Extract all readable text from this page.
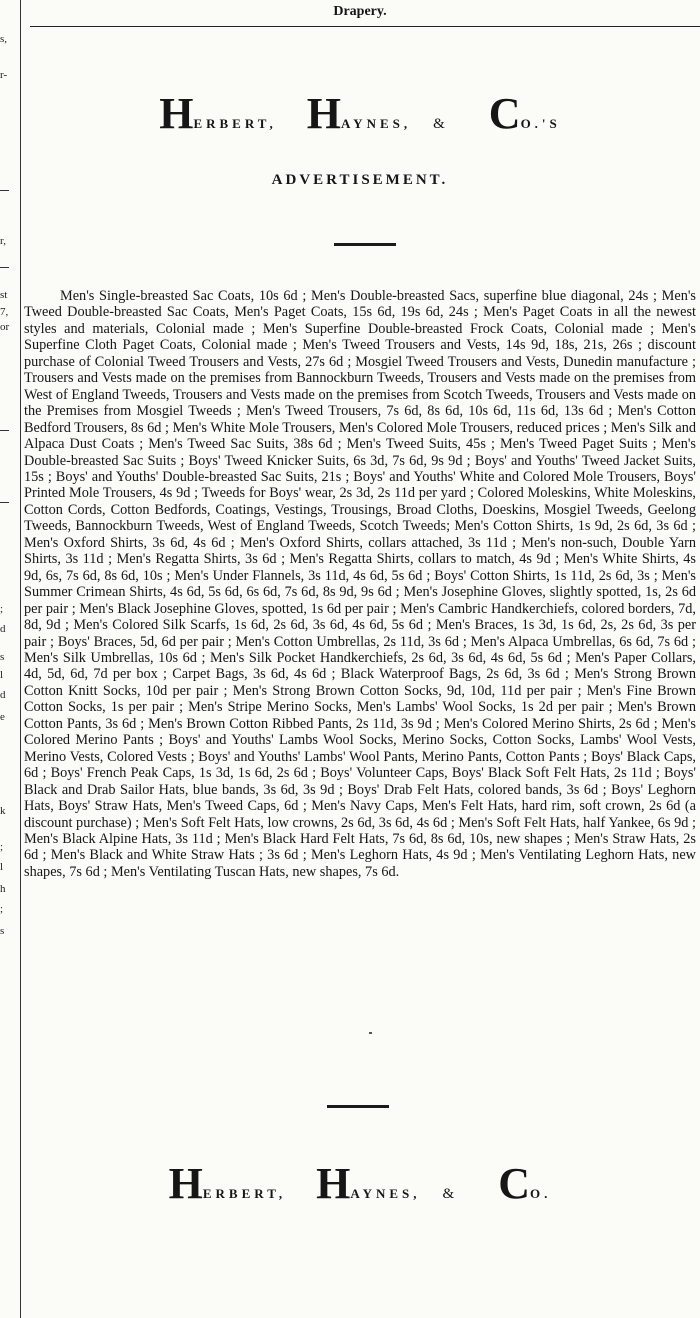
s,
r-
r,
st
7,
or
;
d
s
l
d
e
k
;
l
h
;
s
Drapery.
H ERBERT, H AYNES, & C O.'S
ADVERTISEMENT.

Men's Single-breasted Sac Coats, 10s 6d ; Men's Double-breasted Sacs, superfine blue diagonal, 24s ; Men's Tweed Double-breasted Sac Coats, Men's Paget Coats, 15s 6d, 19s 6d, 24s ; Men's Paget Coats in all the newest styles and materials, Colonial made ; Men's Superfine Double-breasted Frock Coats, Colonial made ; Men's Superfine Cloth Paget Coats, Colonial made ; Men's Tweed Trousers and Vests, 14s 9d, 18s, 21s, 26s ; discount purchase of Colonial Tweed Trousers and Vests, 27s 6d ; Mosgiel Tweed Trousers and Vests, Dunedin manufacture ; Trousers and Vests made on the premises from Bannockburn Tweeds, Trousers and Vests made on the premises from West of England Tweeds, Trousers and Vests made on the premises from Scotch Tweeds, Trousers and Vests made on the Premises from Mosgiel Tweeds ; Men's Tweed Trousers, 7s 6d, 8s 6d, 10s 6d, 11s 6d, 13s 6d ; Men's Cotton Bedford Trousers, 8s 6d ; Men's White Mole Trousers, Men's Colored Mole Trousers, reduced prices ; Men's Silk and Alpaca Dust Coats ; Men's Tweed Sac Suits, 38s 6d ; Men's Tweed Suits, 45s ; Men's Tweed Paget Suits ; Men's Double-breasted Sac Suits ; Boys' Tweed Knicker Suits, 6s 3d, 7s 6d, 9s 9d ; Boys' and Youths' Tweed Jacket Suits, 15s ; Boys' and Youths' Double-breasted Sac Suits, 21s ; Boys' and Youths' White and Colored Mole Trousers, Boys' Printed Mole Trousers, 4s 9d ; Tweeds for Boys' wear, 2s 3d, 2s 11d per yard ; Colored Moleskins, White Moleskins, Cotton Cords, Cotton Bedfords, Coatings, Vestings, Trousings, Broad Cloths, Doeskins, Mosgiel Tweeds, Geelong Tweeds, Bannockburn Tweeds, West of England Tweeds, Scotch Tweeds; Men's Cotton Shirts, 1s 9d, 2s 6d, 3s 6d ; Men's Oxford Shirts, 3s 6d, 4s 6d ; Men's Oxford Shirts, collars attached, 3s 11d ; Men's non-such, Double Yarn Shirts, 3s 11d ; Men's Regatta Shirts, 3s 6d ; Men's Regatta Shirts, collars to match, 4s 9d ; Men's White Shirts, 4s 9d, 6s, 7s 6d, 8s 6d, 10s ; Men's Under Flannels, 3s 11d, 4s 6d, 5s 6d ; Boys' Cotton Shirts, 1s 11d, 2s 6d, 3s ; Men's Summer Crimean Shirts, 4s 6d, 5s 6d, 6s 6d, 7s 6d, 8s 9d, 9s 6d ; Men's Josephine Gloves, slightly spotted, 1s, 2s 6d per pair ; Men's Black Josephine Gloves, spotted, 1s 6d per pair ; Men's Cambric Handkerchiefs, colored borders, 7d, 8d, 9d ; Men's Colored Silk Scarfs, 1s 6d, 2s 6d, 3s 6d, 4s 6d, 5s 6d ; Men's Braces, 1s 3d, 1s 6d, 2s, 2s 6d, 3s per pair ; Boys' Braces, 5d, 6d per pair ; Men's Cotton Umbrellas, 2s 11d, 3s 6d ; Men's Alpaca Umbrellas, 6s 6d, 7s 6d ; Men's Silk Umbrellas, 10s 6d ; Men's Silk Pocket Handkerchiefs, 2s 6d, 3s 6d, 4s 6d, 5s 6d ; Men's Paper Collars, 4d, 5d, 6d, 7d per box ; Carpet Bags, 3s 6d, 4s 6d ; Black Waterproof Bags, 2s 6d, 3s 6d ; Men's Strong Brown Cotton Knitt Socks, 10d per pair ; Men's Strong Brown Cotton Socks, 9d, 10d, 11d per pair ; Men's Fine Brown Cotton Socks, 1s per pair ; Men's Stripe Merino Socks, Men's Lambs' Wool Socks, 1s 2d per pair ; Men's Brown Cotton Pants, 3s 6d ; Men's Brown Cotton Ribbed Pants, 2s 11d, 3s 9d ; Men's Colored Merino Shirts, 2s 6d ; Men's Colored Merino Pants ; Boys' and Youths' Lambs Wool Socks, Merino Socks, Cotton Socks, Lambs' Wool Vests, Merino Vests, Colored Vests ; Boys' and Youths' Lambs' Wool Pants, Merino Pants, Cotton Pants ; Boys' Black Caps, 6d ; Boys' French Peak Caps, 1s 3d, 1s 6d, 2s 6d ; Boys' Volunteer Caps, Boys' Black Soft Felt Hats, 2s 11d ; Boys' Black and Drab Sailor Hats, blue bands, 3s 6d, 3s 9d ; Boys' Drab Felt Hats, colored bands, 3s 6d ; Boys' Leghorn Hats, Boys' Straw Hats, Men's Tweed Caps, 6d ; Men's Navy Caps, Men's Felt Hats, hard rim, soft crown, 2s 6d (a discount purchase) ; Men's Soft Felt Hats, low crowns, 2s 6d, 3s 6d, 4s 6d ; Men's Soft Felt Hats, half Yankee, 6s 9d ; Men's Black Alpine Hats, 3s 11d ; Men's Black Hard Felt Hats, 7s 6d, 8s 6d, 10s, new shapes ; Men's Straw Hats, 2s 6d ; Men's Black and White Straw Hats ; 3s 6d ; Men's Leghorn Hats, 4s 9d ; Men's Ventilating Leghorn Hats, new shapes, 7s 6d ; Men's Ventilating Tuscan Hats, new shapes, 7s 6d.

H ERBERT, H AYNES, & C O.
